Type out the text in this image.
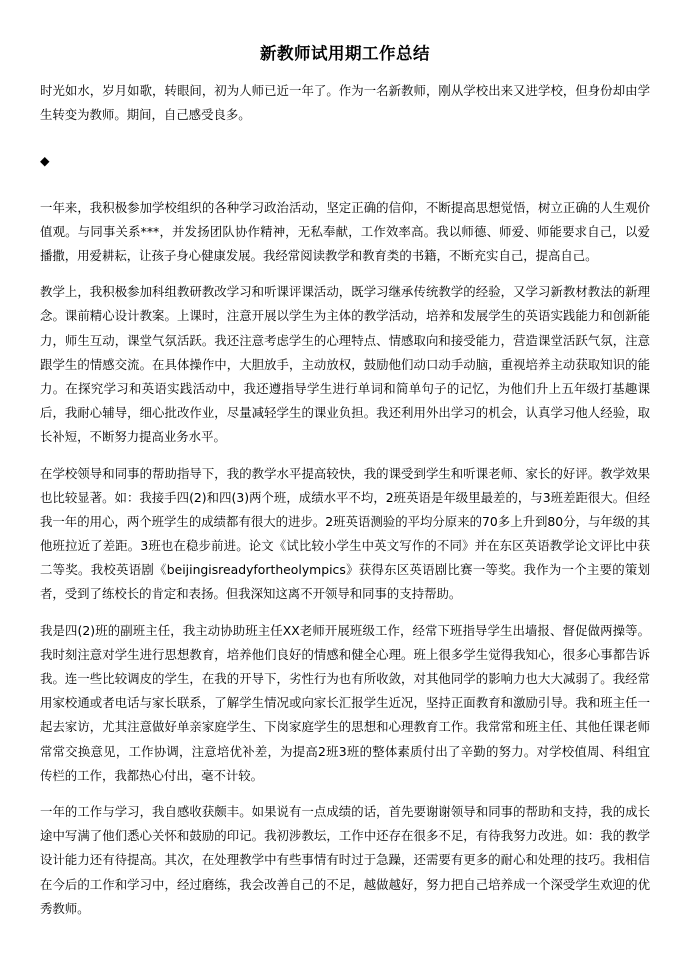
新教师试用期工作总结

时光如水，岁月如歌，转眼间，初为人师已近一年了。作为一名新教师，刚从学校出来又进学校，但身份却由学生转变为教师。期间，自己感受良多。

◆

一年来，我积极参加学校组织的各种学习政治活动，坚定正确的信仰，不断提高思想觉悟，树立正确的人生观价值观。与同事关系***，并发扬团队协作精神，无私奉献，工作效率高。我以师德、师爱、师能要求自己，以爱播撒，用爱耕耘，让孩子身心健康发展。我经常阅读教学和教育类的书籍，不断充实自己，提高自己。

教学上，我积极参加科组教研教改学习和听课评课活动，既学习继承传统教学的经验，又学习新教材教法的新理念。课前精心设计教案。上课时，注意开展以学生为主体的教学活动，培养和发展学生的英语实践能力和创新能力，师生互动，课堂气氛活跃。我还注意考虑学生的心理特点、情感取向和接受能力，营造课堂活跃气氛，注意跟学生的情感交流。在具体操作中，大胆放手，主动放权，鼓励他们动口动手动脑，重视培养主动获取知识的能力。在探究学习和英语实践活动中，我还遵指导学生进行单词和简单句子的记忆，为他们升上五年级打基趣课后，我耐心辅导，细心批改作业，尽量减轻学生的课业负担。我还利用外出学习的机会，认真学习他人经验，取长补短，不断努力提高业务水平。

在学校领导和同事的帮助指导下，我的教学水平提高较快，我的课受到学生和听课老师、家长的好评。教学效果也比较显著。如：我接手四(2)和四(3)两个班，成绩水平不均，2班英语是年级里最差的，与3班差距很大。但经我一年的用心，两个班学生的成绩都有很大的进步。2班英语测验的平均分原来的70多上升到80分，与年级的其他班拉近了差距。3班也在稳步前进。论文《试比较小学生中英文写作的不同》并在东区英语教学论文评比中获二等奖。我校英语剧《beijingisreadyfortheolympics》获得东区英语剧比赛一等奖。我作为一个主要的策划者，受到了练校长的肯定和表扬。但我深知这离不开领导和同事的支持帮助。

我是四(2)班的副班主任，我主动协助班主任XX老师开展班级工作，经常下班指导学生出墙报、督促做两操等。我时刻注意对学生进行思想教育，培养他们良好的情感和健全心理。班上很多学生觉得我知心，很多心事都告诉我。连一些比较调皮的学生，在我的开导下，劣性行为也有所收敛，对其他同学的影响力也大大减弱了。我经常用家校通或者电话与家长联系，了解学生情况或向家长汇报学生近况，坚持正面教育和激励引导。我和班主任一起去家访，尤其注意做好单亲家庭学生、下岗家庭学生的思想和心理教育工作。我常常和班主任、其他任课老师常常交换意见，工作协调，注意培优补差，为提高2班3班的整体素质付出了辛勤的努力。对学校值周、科组宜传栏的工作，我都热心付出，毫不计较。

一年的工作与学习，我自感收获颇丰。如果说有一点成绩的话，首先要谢谢领导和同事的帮助和支持，我的成长途中写满了他们悉心关怀和鼓励的印记。我初涉教坛，工作中还存在很多不足，有待我努力改进。如：我的教学设计能力还有待提高。其次，在处理教学中有些事情有时过于急躁，还需要有更多的耐心和处理的技巧。我相信在今后的工作和学习中，经过磨练，我会改善自己的不足，越做越好，努力把自己培养成一个深受学生欢迎的优秀教师。
